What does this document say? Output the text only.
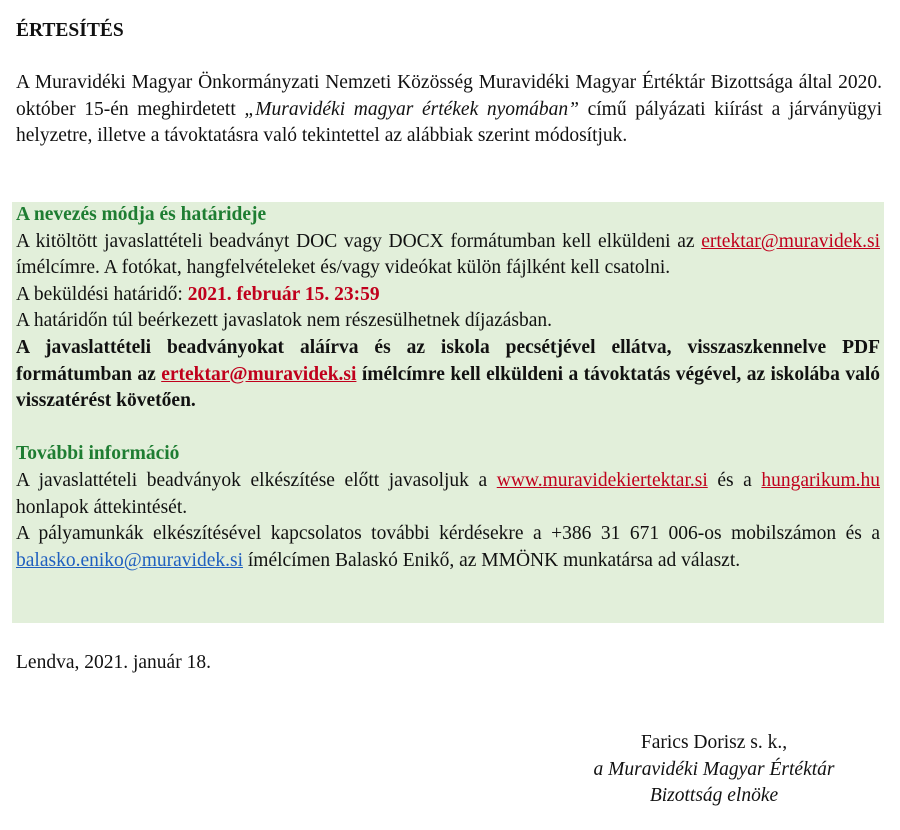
ÉRTESÍTÉS
A Muravidéki Magyar Önkormányzati Nemzeti Közösség Muravidéki Magyar Értéktár Bizottsága által 2020. október 15-én meghirdetett „Muravidéki magyar értékek nyomában” című pályázati kiírást a járványügyi helyzetre, illetve a távoktatásra való tekintettel az alábbiak szerint módosítjuk.

A nevezés módja és határideje

A kitöltött javaslattételi beadványt DOC vagy DOCX formátumban kell elküldeni az ertektar@muravidek.si ímélcímre. A fotókat, hangfelvételeket és/vagy videókat külön fájlként kell csatolni.

A beküldési határidő: 2021. február 15. 23:59

A határidőn túl beérkezett javaslatok nem részesülhetnek díjazásban.

A javaslattételi beadványokat aláírva és az iskola pecsétjével ellátva, visszaszkennelve PDF formátumban az ertektar@muravidek.si ímélcímre kell elküldeni a távoktatás végével, az iskolába való visszatérést követően.

További információ

A javaslattételi beadványok elkészítése előtt javasoljuk a www.muravidekiertektar.si és a hungarikum.hu honlapok áttekintését.

A pályamunkák elkészítésével kapcsolatos további kérdésekre a +386 31 671 006-os mobilszámon és a balasko.eniko@muravidek.si ímélcímen Balaskó Enikő, az MMÖNK munkatársa ad választ.

Lendva, 2021. január 18.
Farics Dorisz s. k.,
a Muravidéki Magyar Értéktár
Bizottság elnöke
